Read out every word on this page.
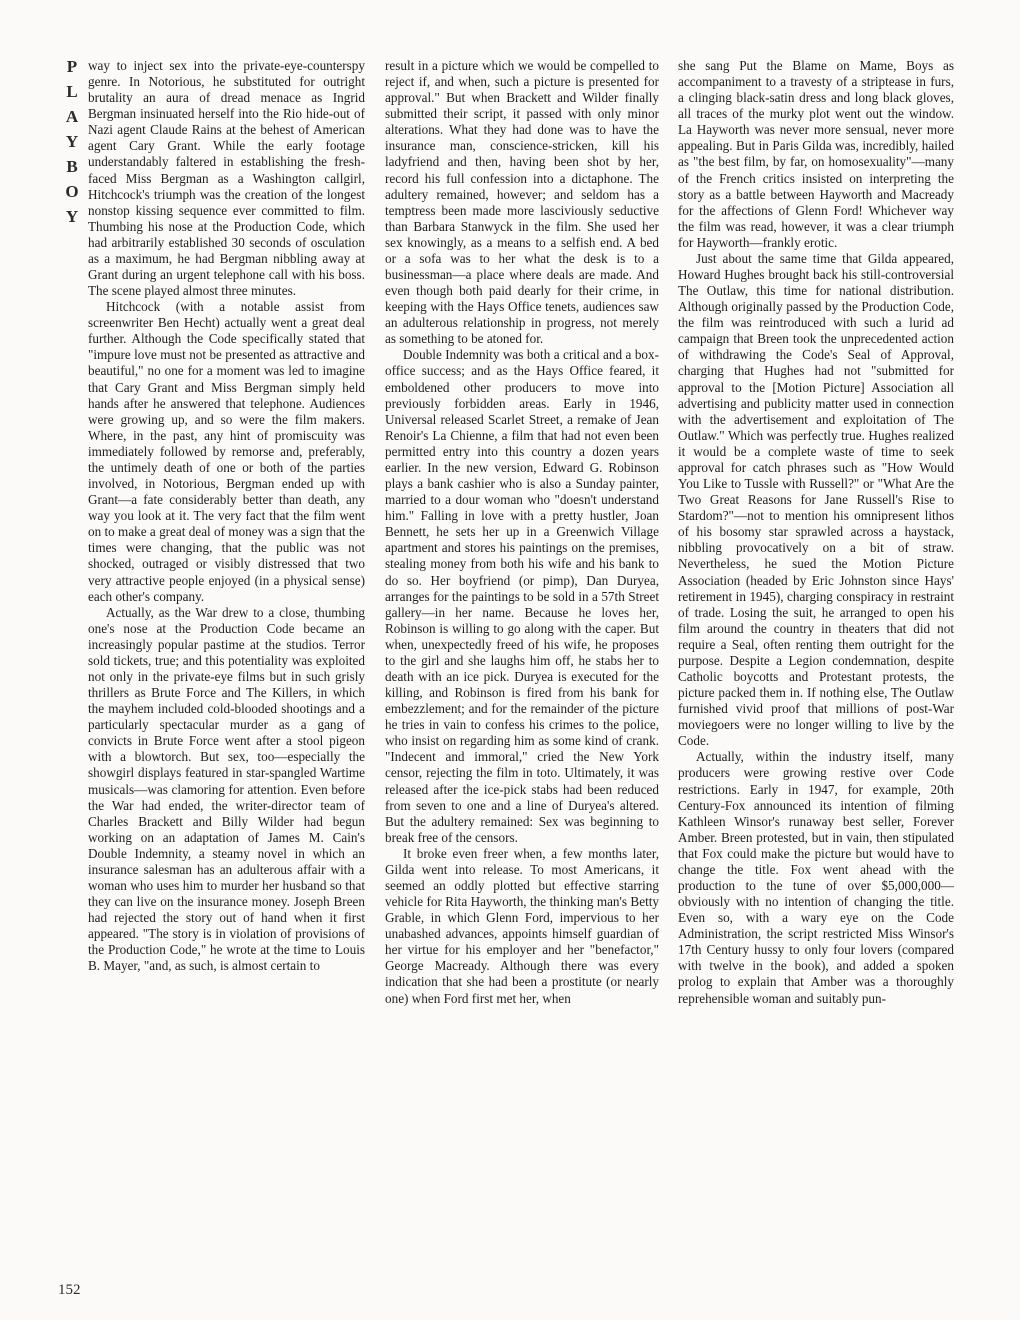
P
L
A
Y
B
O
Y

way to inject sex into the private-eye-counterspy genre. In Notorious, he substituted for outright brutality an aura of dread menace as Ingrid Bergman insinuated herself into the Rio hide-out of Nazi agent Claude Rains at the behest of American agent Cary Grant. While the early footage understandably faltered in establishing the fresh-faced Miss Bergman as a Washington callgirl, Hitchcock's triumph was the creation of the longest nonstop kissing sequence ever committed to film. Thumbing his nose at the Production Code, which had arbitrarily established 30 seconds of osculation as a maximum, he had Bergman nibbling away at Grant during an urgent telephone call with his boss. The scene played almost three minutes.

Hitchcock (with a notable assist from screenwriter Ben Hecht) actually went a great deal further. Although the Code specifically stated that "impure love must not be presented as attractive and beautiful," no one for a moment was led to imagine that Cary Grant and Miss Bergman simply held hands after he answered that telephone. Audiences were growing up, and so were the film makers. Where, in the past, any hint of promiscuity was immediately followed by remorse and, preferably, the untimely death of one or both of the parties involved, in Notorious, Bergman ended up with Grant—a fate considerably better than death, any way you look at it. The very fact that the film went on to make a great deal of money was a sign that the times were changing, that the public was not shocked, outraged or visibly distressed that two very attractive people enjoyed (in a physical sense) each other's company.

Actually, as the War drew to a close, thumbing one's nose at the Production Code became an increasingly popular pastime at the studios. Terror sold tickets, true; and this potentiality was exploited not only in the private-eye films but in such grisly thrillers as Brute Force and The Killers, in which the mayhem included cold-blooded shootings and a particularly spectacular murder as a gang of convicts in Brute Force went after a stool pigeon with a blowtorch. But sex, too—especially the showgirl displays featured in star-spangled Wartime musicals—was clamoring for attention. Even before the War had ended, the writer-director team of Charles Brackett and Billy Wilder had begun working on an adaptation of James M. Cain's Double Indemnity, a steamy novel in which an insurance salesman has an adulterous affair with a woman who uses him to murder her husband so that they can live on the insurance money. Joseph Breen had rejected the story out of hand when it first appeared. "The story is in violation of provisions of the Production Code," he wrote at the time to Louis B. Mayer, "and, as such, is almost certain to

result in a picture which we would be compelled to reject if, and when, such a picture is presented for approval." But when Brackett and Wilder finally submitted their script, it passed with only minor alterations. What they had done was to have the insurance man, conscience-stricken, kill his ladyfriend and then, having been shot by her, record his full confession into a dictaphone. The adultery remained, however; and seldom has a temptress been made more lasciviously seductive than Barbara Stanwyck in the film. She used her sex knowingly, as a means to a selfish end. A bed or a sofa was to her what the desk is to a businessman—a place where deals are made. And even though both paid dearly for their crime, in keeping with the Hays Office tenets, audiences saw an adulterous relationship in progress, not merely as something to be atoned for.

Double Indemnity was both a critical and a box-office success; and as the Hays Office feared, it emboldened other producers to move into previously forbidden areas. Early in 1946, Universal released Scarlet Street, a remake of Jean Renoir's La Chienne, a film that had not even been permitted entry into this country a dozen years earlier. In the new version, Edward G. Robinson plays a bank cashier who is also a Sunday painter, married to a dour woman who "doesn't understand him." Falling in love with a pretty hustler, Joan Bennett, he sets her up in a Greenwich Village apartment and stores his paintings on the premises, stealing money from both his wife and his bank to do so. Her boyfriend (or pimp), Dan Duryea, arranges for the paintings to be sold in a 57th Street gallery—in her name. Because he loves her, Robinson is willing to go along with the caper. But when, unexpectedly freed of his wife, he proposes to the girl and she laughs him off, he stabs her to death with an ice pick. Duryea is executed for the killing, and Robinson is fired from his bank for embezzlement; and for the remainder of the picture he tries in vain to confess his crimes to the police, who insist on regarding him as some kind of crank. "Indecent and immoral," cried the New York censor, rejecting the film in toto. Ultimately, it was released after the ice-pick stabs had been reduced from seven to one and a line of Duryea's altered. But the adultery remained: Sex was beginning to break free of the censors.

It broke even freer when, a few months later, Gilda went into release. To most Americans, it seemed an oddly plotted but effective starring vehicle for Rita Hayworth, the thinking man's Betty Grable, in which Glenn Ford, impervious to her unabashed advances, appoints himself guardian of her virtue for his employer and her "benefactor," George Macready. Although there was every indication that she had been a prostitute (or nearly one) when Ford first met her, when

she sang Put the Blame on Mame, Boys as accompaniment to a travesty of a striptease in furs, a clinging black-satin dress and long black gloves, all traces of the murky plot went out the window. La Hayworth was never more sensual, never more appealing. But in Paris Gilda was, incredibly, hailed as "the best film, by far, on homosexuality"—many of the French critics insisted on interpreting the story as a battle between Hayworth and Macready for the affections of Glenn Ford! Whichever way the film was read, however, it was a clear triumph for Hayworth—frankly erotic.

Just about the same time that Gilda appeared, Howard Hughes brought back his still-controversial The Outlaw, this time for national distribution. Although originally passed by the Production Code, the film was reintroduced with such a lurid ad campaign that Breen took the unprecedented action of withdrawing the Code's Seal of Approval, charging that Hughes had not "submitted for approval to the [Motion Picture] Association all advertising and publicity matter used in connection with the advertisement and exploitation of The Outlaw." Which was perfectly true. Hughes realized it would be a complete waste of time to seek approval for catch phrases such as "How Would You Like to Tussle with Russell?" or "What Are the Two Great Reasons for Jane Russell's Rise to Stardom?"—not to mention his omnipresent lithos of his bosomy star sprawled across a haystack, nibbling provocatively on a bit of straw. Nevertheless, he sued the Motion Picture Association (headed by Eric Johnston since Hays' retirement in 1945), charging conspiracy in restraint of trade. Losing the suit, he arranged to open his film around the country in theaters that did not require a Seal, often renting them outright for the purpose. Despite a Legion condemnation, despite Catholic boycotts and Protestant protests, the picture packed them in. If nothing else, The Outlaw furnished vivid proof that millions of post-War moviegoers were no longer willing to live by the Code.

Actually, within the industry itself, many producers were growing restive over Code restrictions. Early in 1947, for example, 20th Century-Fox announced its intention of filming Kathleen Winsor's runaway best seller, Forever Amber. Breen protested, but in vain, then stipulated that Fox could make the picture but would have to change the title. Fox went ahead with the production to the tune of over $5,000,000—obviously with no intention of changing the title. Even so, with a wary eye on the Code Administration, the script restricted Miss Winsor's 17th Century hussy to only four lovers (compared with twelve in the book), and added a spoken prolog to explain that Amber was a thoroughly reprehensible woman and suitably pun-

152
